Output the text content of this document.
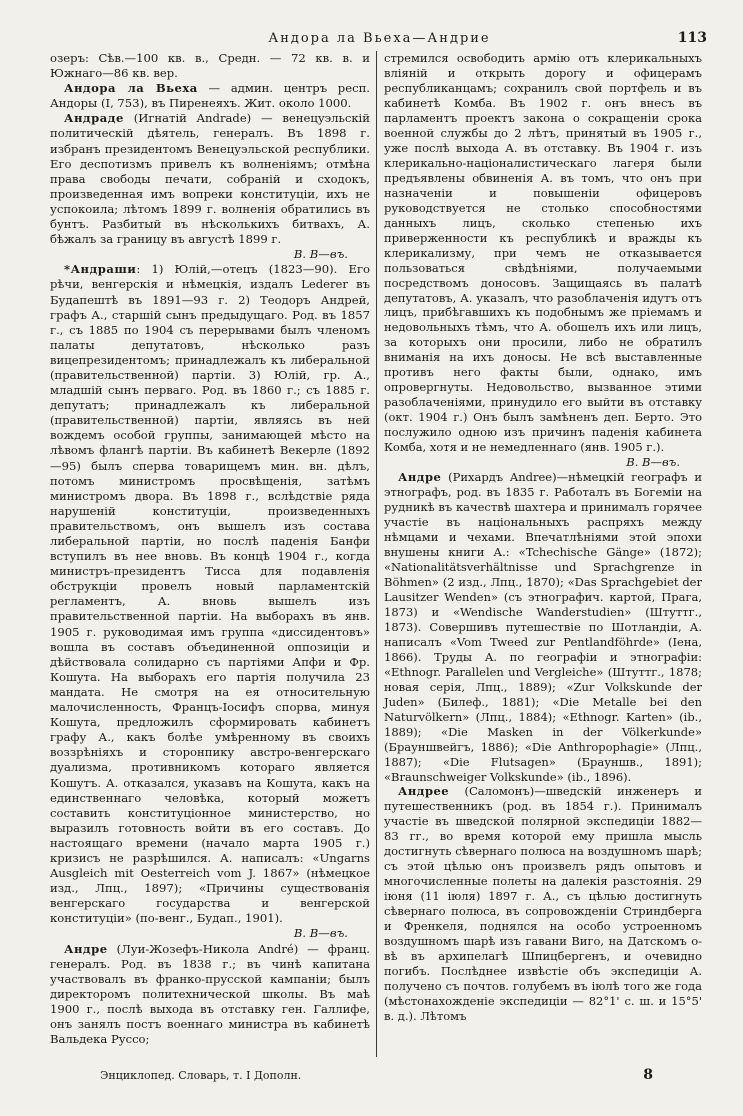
Андора ла Вьеха—Андрие	113

озеръ: Сѣв.—100 кв. в., Средн. — 72 кв. в. и Южнаго—86 кв. вер.

Андора ла Вьеха — админ. центръ респ. Андоры (I, 753), въ Пиренеяхъ. Жит. около 1000.

Андраде (Игнатій Andrade) — венецуэльскій политическій дѣятель, генералъ. Въ 1898 г. избранъ президентомъ Венецуэльской республики. Его деспотизмъ привелъ къ волненіямъ; отмѣна права свободы печати, собраній и сходокъ, произведенная имъ вопреки конституціи, ихъ не успокоила; лѣтомъ 1899 г. волненія обратились въ бунтъ. Разбитый въ нѣсколькихъ битвахъ, А. бѣжалъ за границу въ августѣ 1899 г.
В. В—въ.

*Андраши: 1) Юлій,—отецъ (1823—90). Его рѣчи, венгерскія и нѣмецкія, издалъ Lederer въ Будапештѣ въ 1891—93 г. 2) Теодоръ Андрей, графъ А., старшій сынъ предыдущаго. Род. въ 1857 г., съ 1885 по 1904 съ перерывами былъ членомъ палаты депутатовъ, нѣсколько разъ вицепрезидентомъ; принадлежалъ къ либеральной (правительственной) партіи. 3) Юлій, гр. А., младшій сынъ перваго. Род. въ 1860 г.; съ 1885 г. депутатъ; принадлежалъ къ либеральной (правительственной) партіи, являясь въ ней вождемъ особой группы, занимающей мѣсто на лѣвомъ флангѣ партіи. Въ кабинетѣ Векерле (1892—95) былъ сперва товарищемъ мин. вн. дѣлъ, потомъ министромъ просвѣщенія, затѣмъ министромъ двора. Въ 1898 г., вслѣдствіе ряда нарушеній конституціи, произведенныхъ правительствомъ, онъ вышелъ изъ состава либеральной партіи, но послѣ паденія Банфи вступилъ въ нее вновь. Въ концѣ 1904 г., когда министръ-президентъ Тисса для подавленія обструкціи провелъ новый парламентскій регламентъ, А. вновь вышелъ изъ правительственной партіи. На выборахъ въ янв. 1905 г. руководимая имъ группа «диссидентовъ» вошла въ составъ объединенной оппозиціи и дѣйствовала солидарно съ партіями Апфи и Фр. Кошута. На выборахъ его партія получила 23 мандата. Не смотря на ея относительную малочисленность, Францъ-Іосифъ спорва, минуя Кошута, предложилъ сформировать кабинетъ графу А., какъ болѣе умѣренному въ своихъ воззрѣніяхъ и сторонпику австро-венгерскаго дуализма, противникомъ котораго является Кошутъ. А. отказался, указавъ на Кошута, какъ на единственнаго человѣка, который можетъ составить конституціонное министерство, но выразилъ готовность войти въ его составъ. До настоящаго времени (начало марта 1905 г.) кризисъ не разрѣшился. А. написалъ: «Ungarns Ausgleich mit Oesterreich vom J. 1867» (нѣмецкое изд., Лпц., 1897); «Причины существованія венгерскаго государства и венгерской конституціи» (по-венг., Будап., 1901).
В. В—въ.

Андре (Луи-Жозефъ-Никола André) — франц. генералъ. Род. въ 1838 г.; въ чинѣ капитана участвовалъ въ франко-прусской кампаніи; былъ директоромъ политехнической школы. Въ маѣ 1900 г., послѣ выхода въ отставку ген. Галлифе, онъ занялъ постъ военнаго министра въ кабинетѣ Вальдека Руссо;

стремился освободить армію отъ клерикальныхъ вліяній и открыть дорогу и офицерамъ республиканцамъ; сохранилъ свой портфель и въ кабинетѣ Комба. Въ 1902 г. онъ внесъ въ парламентъ проектъ закона о сокращеніи срока военной службы до 2 лѣтъ, принятый въ 1905 г., уже послѣ выхода А. въ отставку. Въ 1904 г. изъ клерикально-націоналистическаго лагеря были предъявлены обвиненія А. въ томъ, что онъ при назначеніи и повышеніи офицеровъ руководствуется не столько способностями данныхъ лицъ, сколько степенью ихъ приверженности къ республикѣ и вражды къ клерикализму, при чемъ не отказывается пользоваться свѣдѣніями, получаемыми посредствомъ доносовъ. Защищаясь въ палатѣ депутатовъ, А. указалъ, что разоблаченія идутъ отъ лицъ, прибѣгавшихъ къ подобнымъ же пріемамъ и недовольныхъ тѣмъ, что А. обошелъ ихъ или лицъ, за которыхъ они просили, либо не обратилъ вниманія на ихъ доносы. Не всѣ выставленные противъ него факты были, однако, имъ опровергнуты. Недовольство, вызванное этими разоблаченіями, принудило его выйти въ отставку (окт. 1904 г.) Онъ былъ замѣненъ деп. Берто. Это послужило одною изъ причинъ паденія кабинета Комба, хотя и не немедленнаго (янв. 1905 г.).
В. В—въ.

Андре (Рихардъ Andree)—нѣмецкій географъ и этнографъ, род. въ 1835 г. Работалъ въ Богеміи на рудникѣ въ качествѣ шахтера и принималъ горячее участіе въ національныхъ распряхъ между нѣмцами и чехами. Впечатлѣніями этой эпохи внушены книги А.: «Tchechische Gänge» (1872); «Nationalitätsverhältnisse und Sprachgrenze in Böhmen» (2 изд., Лпц., 1870); «Das Sprachgebiet der Lausitzer Wenden» (съ этнографич. картой, Прага, 1873) и «Wendische Wanderstudien» (Штуттг., 1873). Совершивъ путешествіе по Шотландіи, А. написалъ «Vom Tweed zur Pentlandföhrde» (Iена, 1866). Труды А. по географіи и этнографіи: «Ethnogr. Parallelen und Vergleiche» (Штуттг., 1878; новая серія, Лпц., 1889); «Zur Volkskunde der Juden» (Билеф., 1881); «Die Metalle bei den Naturvölkern» (Лпц., 1884); «Ethnogr. Karten» (ib., 1889); «Die Masken in der Völkerkunde» (Брауншвейгъ, 1886); «Die Anthropophagie» (Лпц., 1887); «Die Flutsagen» (Брауншв., 1891); «Braunschweiger Volkskunde» (ib., 1896).

Андреe (Саломонъ)—шведскій инженеръ и путешественникъ (род. въ 1854 г.). Принималъ участіе въ шведской полярной экспедиціи 1882—83 гг., во время которой ему пришла мысль достигнуть сѣвернаго полюса на воздушномъ шарѣ; съ этой цѣлью онъ произвелъ рядъ опытовъ и многочисленные полеты на далекія разстоянія. 29 іюня (11 іюля) 1897 г. А., съ цѣлью достигнуть сѣвернаго полюса, въ сопровожденіи Стриндберга и Френкеля, поднялся на особо устроенномъ воздушномъ шарѣ изъ гавани Виго, на Датскомъ о-вѣ въ архипелагѣ Шпицбергенъ, и очевидно погибъ. Послѣднее извѣстіе объ экспедиціи А. получено съ почтов. голубемъ въ іюлѣ того же года (мѣстонахожденіе экспедиціи — 82°1' с. ш. и 15°5' в. д.). Лѣтомъ

Энциклопед. Словарь, т. I Дополн.	8
